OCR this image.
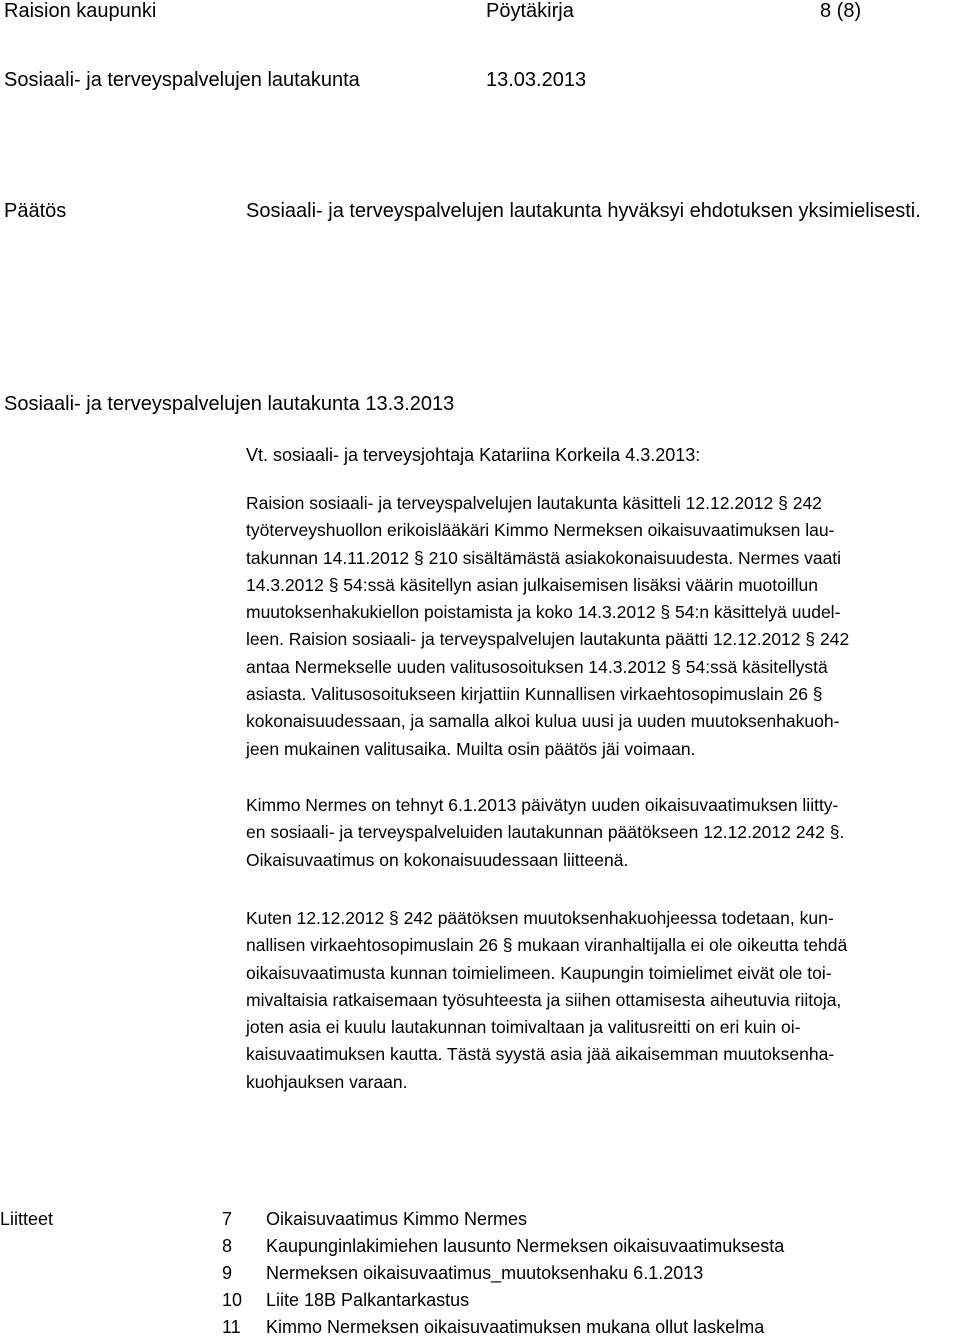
Raision kaupunki	Pöytäkirja	8 (8)
Sosiaali- ja terveyspalvelujen lautakunta	13.03.2013
Päätös	Sosiaali- ja terveyspalvelujen lautakunta hyväksyi ehdotuksen yksimielisesti.
Sosiaali- ja terveyspalvelujen lautakunta 13.3.2013
Vt. sosiaali- ja terveysjohtaja Katariina Korkeila 4.3.2013:
Raision sosiaali- ja terveyspalvelujen lautakunta käsitteli 12.12.2012 § 242
työterveyshuollon erikoislääkäri Kimmo Nermeksen oikaisuvaatimuksen lau-
takunnan 14.11.2012 § 210 sisältämästä asiakokonaisuudesta. Nermes vaati
14.3.2012 § 54:ssä käsitellyn asian julkaisemisen lisäksi väärin muotoillun
muutoksenhakukiellon poistamista ja koko 14.3.2012 § 54:n käsittelyä uudel-
leen. Raision sosiaali- ja terveyspalvelujen lautakunta päätti 12.12.2012 § 242
antaa Nermekselle uuden valitusosoituksen 14.3.2012 § 54:ssä käsitellystä
asiasta. Valitusosoitukseen kirjattiin Kunnallisen virkaehtosopimuslain 26 §
kokonaisuudessaan, ja samalla alkoi kulua uusi ja uuden muutoksenhakuoh-
jeen mukainen valitusaika. Muilta osin päätös jäi voimaan.
Kimmo Nermes on tehnyt 6.1.2013 päivätyn uuden oikaisuvaatimuksen liitty-
en sosiaali- ja terveyspalveluiden lautakunnan päätökseen 12.12.2012 242 §.
Oikaisuvaatimus on kokonaisuudessaan liitteenä.
Kuten 12.12.2012 § 242 päätöksen muutoksenhakuohjeessa todetaan, kun-
nallisen virkaehtosopimuslain 26 § mukaan viranhaltijalla ei ole oikeutta tehdä
oikaisuvaatimusta kunnan toimielimeen. Kaupungin toimielimet eivät ole toi-
mivaltaisia ratkaisemaan työsuhteesta ja siihen ottamisesta aiheutuvia riitoja,
joten asia ei kuulu lautakunnan toimivaltaan ja valitusreitti on eri kuin oi-
kaisuvaatimuksen kautta. Tästä syystä asia jää aikaisemman muutoksenha-
kuohjauksen varaan.
Liitteet	7 Oikaisuvaatimus Kimmo Nermes
8 Kaupunginlakimiehen lausunto Nermeksen oikaisuvaatimuksesta
9 Nermeksen oikaisuvaatimus_muutoksenhaku 6.1.2013
10 Liite 18B Palkantarkastus
11 Kimmo Nermeksen oikaisuvaatimuksen mukana ollut laskelma
